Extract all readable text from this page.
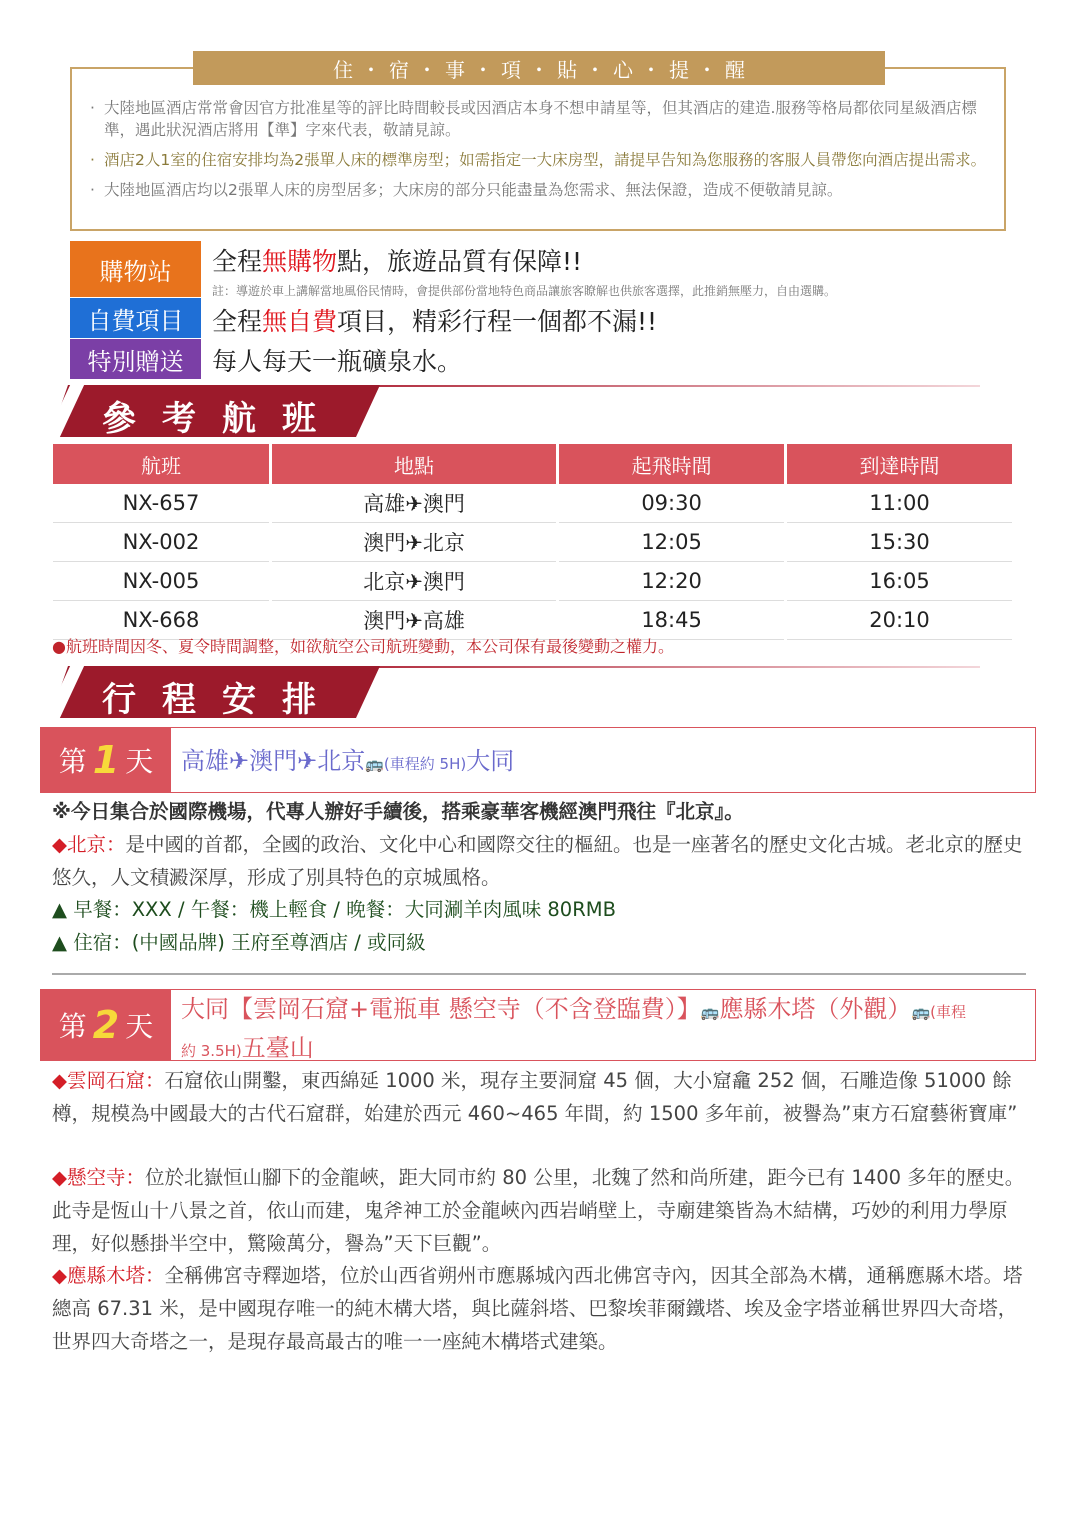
· 大陸地區酒店常常會因官方批准星等的評比時間較長或因酒店本身不想申請星等，但其酒店的建造.服務等格局都依同星級酒店標準，遇此狀況酒店將用【準】字來代表，敬請見諒。
· 酒店2人1室的住宿安排均為2張單人床的標準房型；如需指定一大床房型，請提早告知為您服務的客服人員帶您向酒店提出需求。
· 大陸地區酒店均以2張單人床的房型居多；大床房的部分只能盡量為您需求、無法保證，造成不便敬請見諒。
住 ・ 宿 ・ 事 ・ 項 ・ 貼 ・ 心 ・ 提 ・ 醒
購物站	全程無購物點，旅遊品質有保障!!
註：導遊於車上講解當地風俗民情時，會提供部份當地特色商品讓旅客瞭解也供旅客選擇，此推銷無壓力，自由選購。
自費項目	全程無自費項目，精彩行程一個都不漏!!
特別贈送	每人每天一瓶礦泉水。
參考航班
航班	地點	起飛時間	到達時間
NX-657	高雄✈澳門	09:30	11:00
NX-002	澳門✈北京	12:05	15:30
NX-005	北京✈澳門	12:20	16:05
NX-668	澳門✈高雄	18:45	20:10
●航班時間因冬、夏令時間調整，如欲航空公司航班變動，本公司保有最後變動之權力。
行程安排
第 1 天 高雄✈澳門✈北京🚌(車程約 5H)大同
※今日集合於國際機場，代專人辦好手續後，搭乘豪華客機經澳門飛往『北京』。
◆北京：是中國的首都，全國的政治、文化中心和國際交往的樞紐。也是一座著名的歷史文化古城。老北京的歷史悠久，人文積澱深厚，形成了別具特色的京城風格。
▲ 早餐：XXX / 午餐：機上輕食 / 晚餐：大同涮羊肉風味 80RMB
▲ 住宿：(中國品牌) 王府至尊酒店 / 或同級
第 2 天
大同【雲岡石窟+電瓶車 懸空寺（不含登臨費）】🚌應縣木塔（外觀）🚌(車程
約 3.5H)五臺山
◆雲岡石窟：石窟依山開鑿，東西綿延 1000 米，現存主要洞窟 45 個，大小窟龕 252 個，石雕造像 51000 餘樽，規模為中國最大的古代石窟群，始建於西元 460~465 年間，約 1500 多年前，被譽為”東方石窟藝術寶庫”
◆懸空寺：位於北嶽恒山腳下的金龍峽，距大同市約 80 公里，北魏了然和尚所建，距今已有 1400 多年的歷史。此寺是恆山十八景之首，依山而建，鬼斧神工於金龍峽內西岩峭壁上，寺廟建築皆為木結構，巧妙的利用力學原理，好似懸掛半空中，驚險萬分，譽為”天下巨觀”。
◆應縣木塔：全稱佛宮寺釋迦塔，位於山西省朔州市應縣城內西北佛宮寺內，因其全部為木構，通稱應縣木塔。塔總高 67.31 米，是中國現存唯一的純木構大塔，與比薩斜塔、巴黎埃菲爾鐵塔、埃及金字塔並稱世界四大奇塔，世界四大奇塔之一，是現存最高最古的唯一一座純木構塔式建築。
